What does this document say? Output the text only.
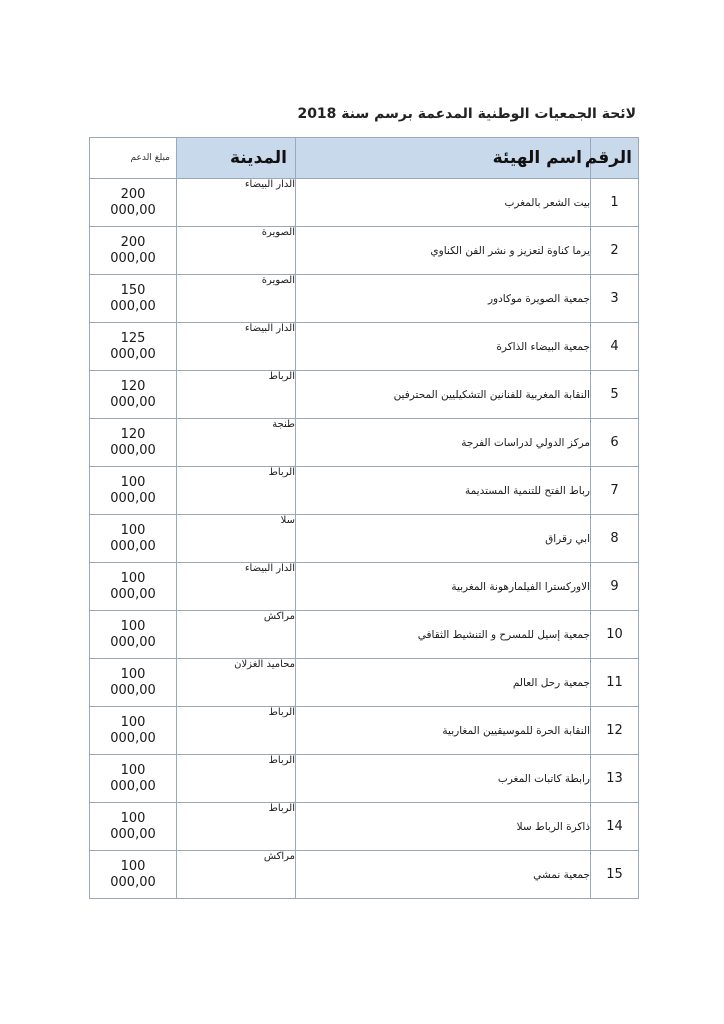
لائحة الجمعيات الوطنية المدعمة برسم سنة 2018
مبلغ الدعم	المدينة	اسم الهيئة	الرقم

200
000,00	الدار البيضاء	بيت الشعر بالمغرب	1

200
000,00	الصويرة	يرما كناوة لتعزيز و نشر الفن الكناوي	2

150
000,00	الصويرة	جمعية الصويرة موكادور	3

125
000,00	الدار البيضاء	جمعية البيضاء الذاكرة	4

120
000,00	الرباط	النقابة المغربية للفنانين التشكيليين المحترفين	5

120
000,00	طنجة	مركز الدولي لدراسات الفرجة	6

100
000,00	الرباط	رباط الفتح للتنمية المستديمة	7

100
000,00	سلا	ابي رقراق	8

100
000,00	الدار البيضاء	الاوركسترا الفيلمارهونة المغربية	9

100
000,00	مراكش	جمعية إسيل للمسرح و التنشيط الثقافي	10

100
000,00	محاميد الغزلان	جمعية رحل العالم	11

100
000,00	الرباط	النقابة الحرة للموسيقيين المغاربية	12

100
000,00	الرباط	رابطة كاتبات المغرب	13

100
000,00	الرباط	ذاكرة الرباط سلا	14

100
000,00	مراكش	جمعية نمشي	15
